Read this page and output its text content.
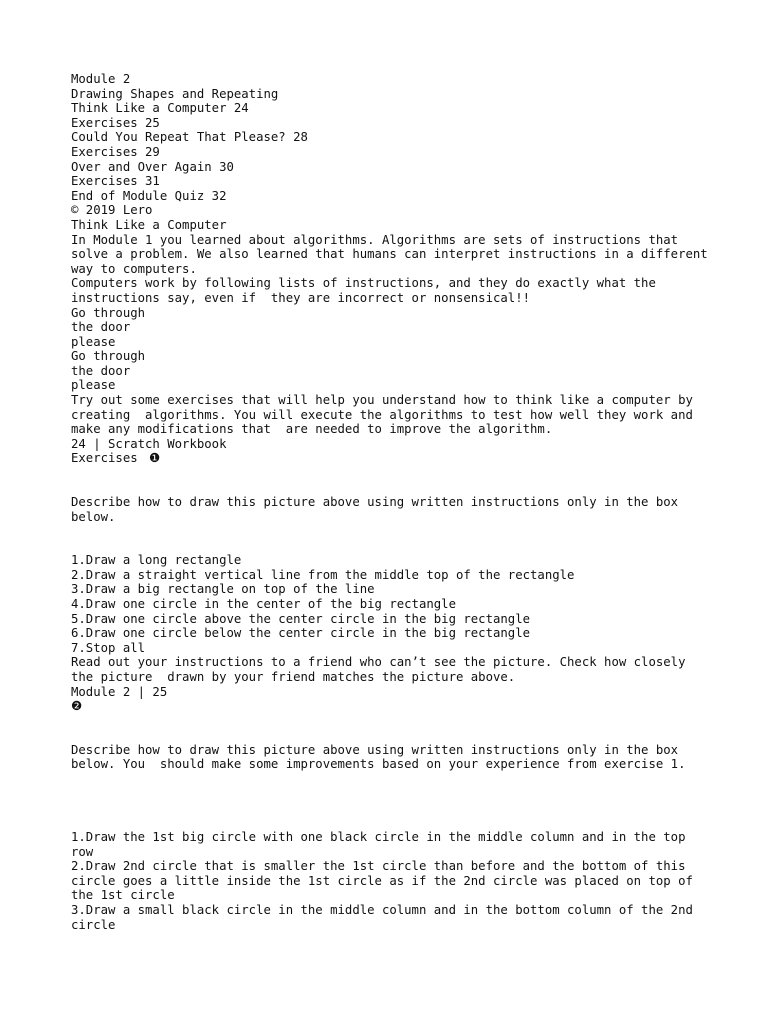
Module 2

Drawing Shapes and Repeating

Think Like a Computer 24

Exercises 25

Could You Repeat That Please? 28

Exercises 29

Over and Over Again 30

Exercises 31

End of Module Quiz 32

© 2019 Lero

Think Like a Computer

In Module 1 you learned about algorithms. Algorithms are sets of instructions that solve a problem. We also learned that humans can interpret instructions in a different way to computers.

Computers work by following lists of instructions, and they do exactly what the instructions say, even if  they are incorrect or nonsensical!!

Go through

the door

please

Go through

the door

please

Try out some exercises that will help you understand how to think like a computer by creating  algorithms. You will execute the algorithms to test how well they work and make any modifications that  are needed to improve the algorithm.

24 | Scratch Workbook

Exercises ❶

Describe how to draw this picture above using written instructions only in the box below.

1.Draw a long rectangle

2.Draw a straight vertical line from the middle top of the rectangle

3.Draw a big rectangle on top of the line

4.Draw one circle in the center of the big rectangle

5.Draw one circle above the center circle in the big rectangle

6.Draw one circle below the center circle in the big rectangle

7.Stop all

Read out your instructions to a friend who can’t see the picture. Check how closely the picture  drawn by your friend matches the picture above.

Module 2 | 25

❷

Describe how to draw this picture above using written instructions only in the box below. You  should make some improvements based on your experience from exercise 1.

1.Draw the 1st big circle with one black circle in the middle column and in the top row

2.Draw 2nd circle that is smaller the 1st circle than before and the bottom of this circle goes a little inside the 1st circle as if the 2nd circle was placed on top of the 1st circle

3.Draw a small black circle in the middle column and in the bottom column of the 2nd circle
